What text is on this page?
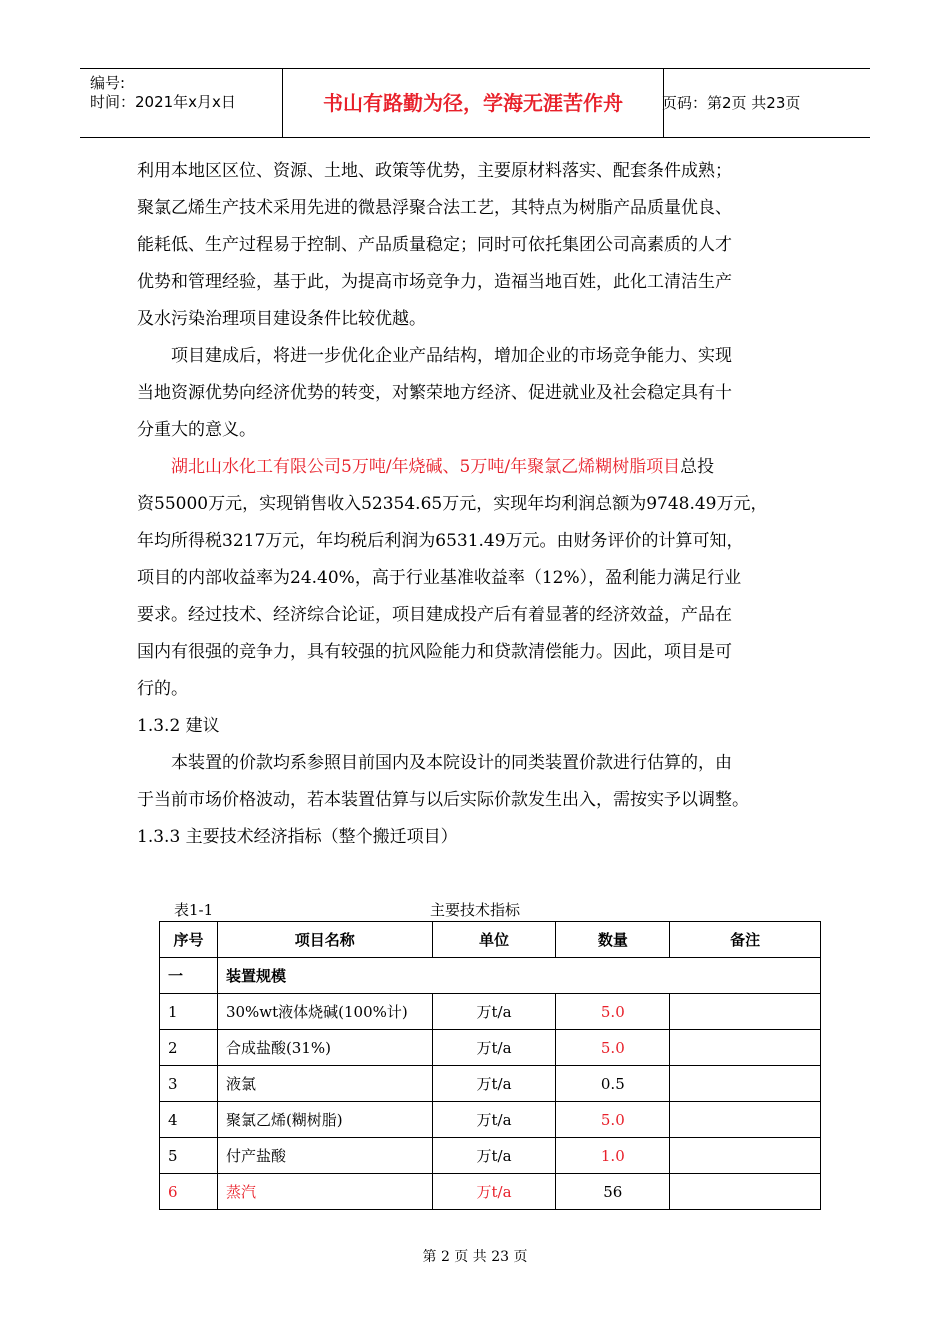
编号:
时间：2021年x月x日	书山有路勤为径，学海无涯苦作舟	页码：第2页 共23页

利用本地区区位、资源、土地、政策等优势，主要原材料落实、配套条件成熟；

聚氯乙烯生产技术采用先进的微悬浮聚合法工艺，其特点为树脂产品质量优良、

能耗低、生产过程易于控制、产品质量稳定；同时可依托集团公司高素质的人才

优势和管理经验，基于此，为提高市场竞争力，造福当地百姓，此化工清洁生产

及水污染治理项目建设条件比较优越。

　　项目建成后，将进一步优化企业产品结构，增加企业的市场竞争能力、实现

当地资源优势向经济优势的转变，对繁荣地方经济、促进就业及社会稳定具有十

分重大的意义。

　　湖北山水化工有限公司5万吨/年烧碱、5万吨/年聚氯乙烯糊树脂项目总投

资55000万元，实现销售收入52354.65万元，实现年均利润总额为9748.49万元，

年均所得税3217万元，年均税后利润为6531.49万元。由财务评价的计算可知，

项目的内部收益率为24.40%，高于行业基准收益率（12%），盈利能力满足行业

要求。经过技术、经济综合论证，项目建成投产后有着显著的经济效益，产品在

国内有很强的竞争力，具有较强的抗风险能力和贷款清偿能力。因此，项目是可

行的。

1.3.2 建议

　　本装置的价款均系参照目前国内及本院设计的同类装置价款进行估算的，由

于当前市场价格波动，若本装置估算与以后实际价款发生出入，需按实予以调整。

1.3.3 主要技术经济指标（整个搬迁项目）

表1-1	主要技术指标
序号	项目名称	单位	数量	备注
一	装置规模			
1	30%wt液体烧碱(100%计)	万t/a	5.0	
2	合成盐酸(31%)	万t/a	5.0	
3	液氯	万t/a	0.5	
4	聚氯乙烯(糊树脂)	万t/a	5.0	
5	付产盐酸	万t/a	1.0	
6	蒸汽	万t/a	56	
第 2 页 共 23 页
